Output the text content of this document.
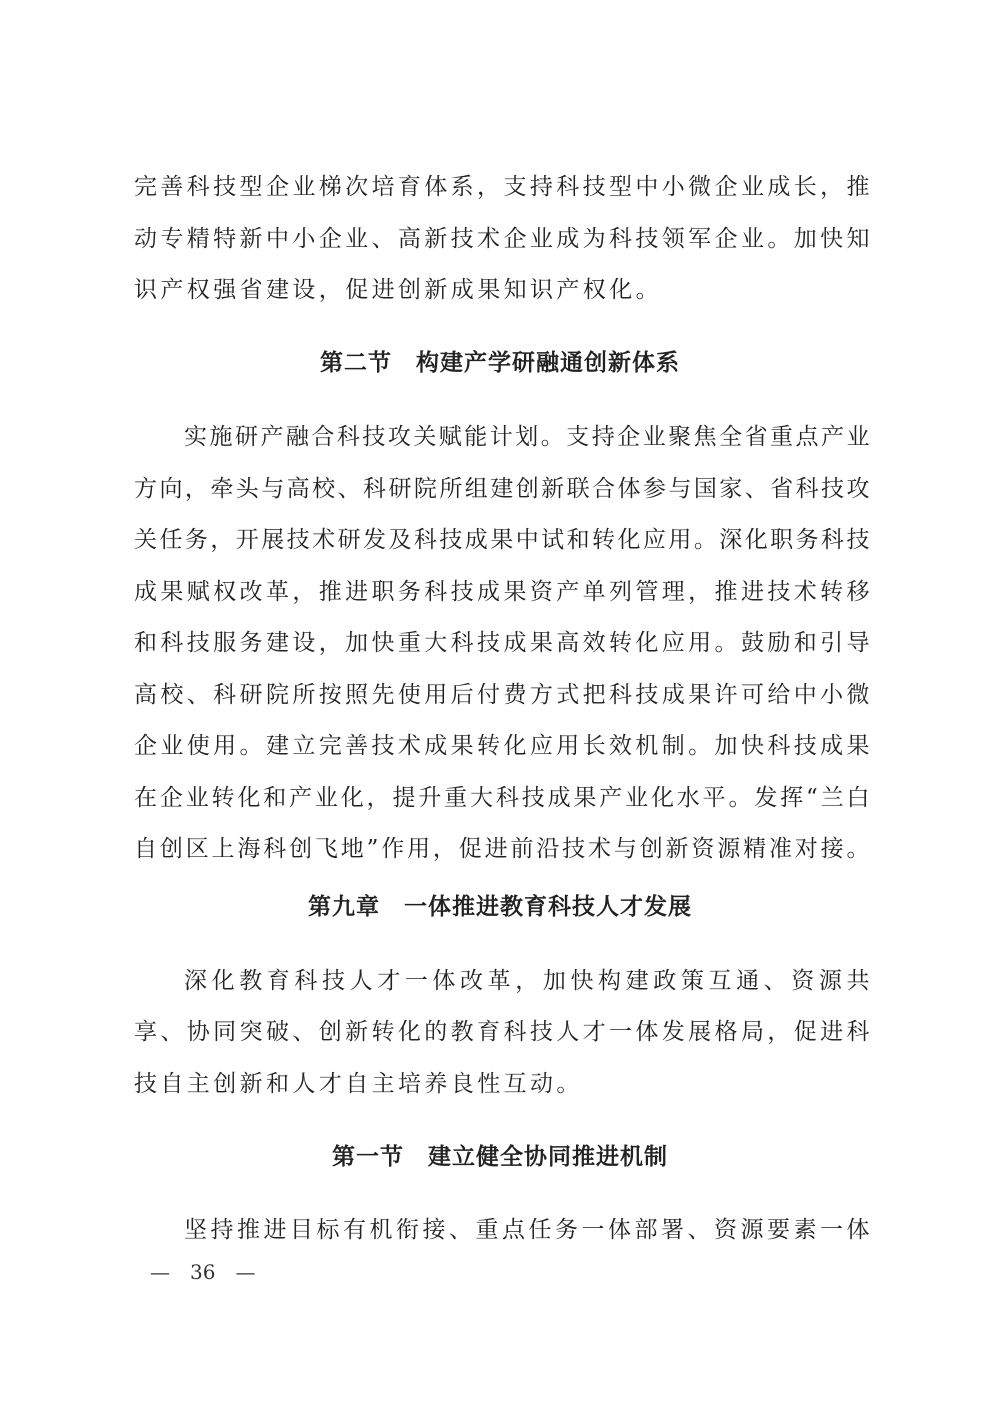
完善科技型企业梯次培育体系，支持科技型中小微企业成长，推
动专精特新中小企业、高新技术企业成为科技领军企业。加快知
识产权强省建设，促进创新成果知识产权化。
第二节　构建产学研融通创新体系
实施研产融合科技攻关赋能计划。支持企业聚焦全省重点产业
方向，牵头与高校、科研院所组建创新联合体参与国家、省科技攻
关任务，开展技术研发及科技成果中试和转化应用。深化职务科技
成果赋权改革，推进职务科技成果资产单列管理，推进技术转移
和科技服务建设，加快重大科技成果高效转化应用。鼓励和引导
高校、科研院所按照先使用后付费方式把科技成果许可给中小微
企业使用。建立完善技术成果转化应用长效机制。加快科技成果
在企业转化和产业化，提升重大科技成果产业化水平。发挥“兰白
自创区上海科创飞地”作用，促进前沿技术与创新资源精准对接。
第九章　一体推进教育科技人才发展
深化教育科技人才一体改革，加快构建政策互通、资源共
享、协同突破、创新转化的教育科技人才一体发展格局，促进科
技自主创新和人才自主培养良性互动。
第一节　建立健全协同推进机制
坚持推进目标有机衔接、重点任务一体部署、资源要素一体
—　36　—
